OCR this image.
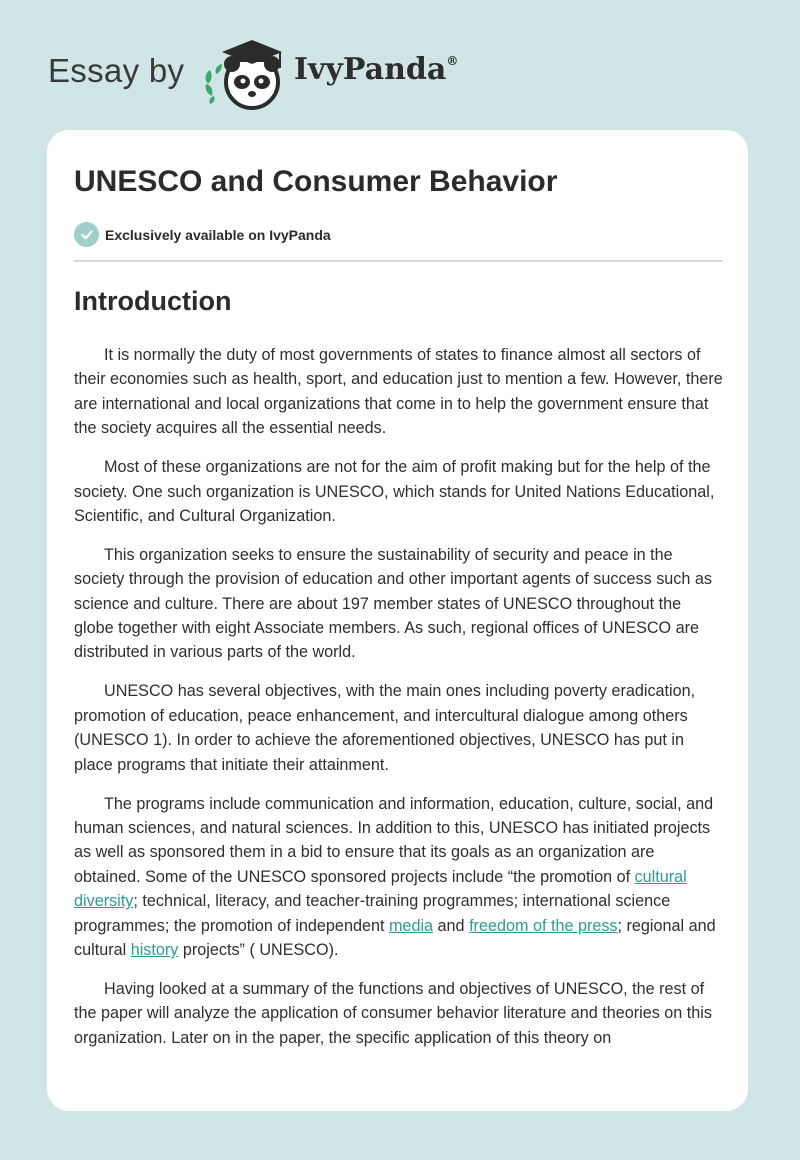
Essay by	IvyPanda®
UNESCO and Consumer Behavior
Exclusively available on IvyPanda
Introduction

It is normally the duty of most governments of states to finance almost all sectors of their economies such as health, sport, and education just to mention a few. However, there are international and local organizations that come in to help the government ensure that the society acquires all the essential needs.

Most of these organizations are not for the aim of profit making but for the help of the society. One such organization is UNESCO, which stands for United Nations Educational, Scientific, and Cultural Organization.

This organization seeks to ensure the sustainability of security and peace in the society through the provision of education and other important agents of success such as science and culture. There are about 197 member states of UNESCO throughout the globe together with eight Associate members. As such, regional offices of UNESCO are distributed in various parts of the world.

UNESCO has several objectives, with the main ones including poverty eradication, promotion of education, peace enhancement, and intercultural dialogue among others (UNESCO 1). In order to achieve the aforementioned objectives, UNESCO has put in place programs that initiate their attainment.

The programs include communication and information, education, culture, social, and human sciences, and natural sciences. In addition to this, UNESCO has initiated projects as well as sponsored them in a bid to ensure that its goals as an organization are obtained. Some of the UNESCO sponsored projects include “the promotion of cultural diversity; technical, literacy, and teacher-training programmes; international science programmes; the promotion of independent media and freedom of the press; regional and cultural history projects” ( UNESCO).

Having looked at a summary of the functions and objectives of UNESCO, the rest of the paper will analyze the application of consumer behavior literature and theories on this organization. Later on in the paper, the specific application of this theory on
